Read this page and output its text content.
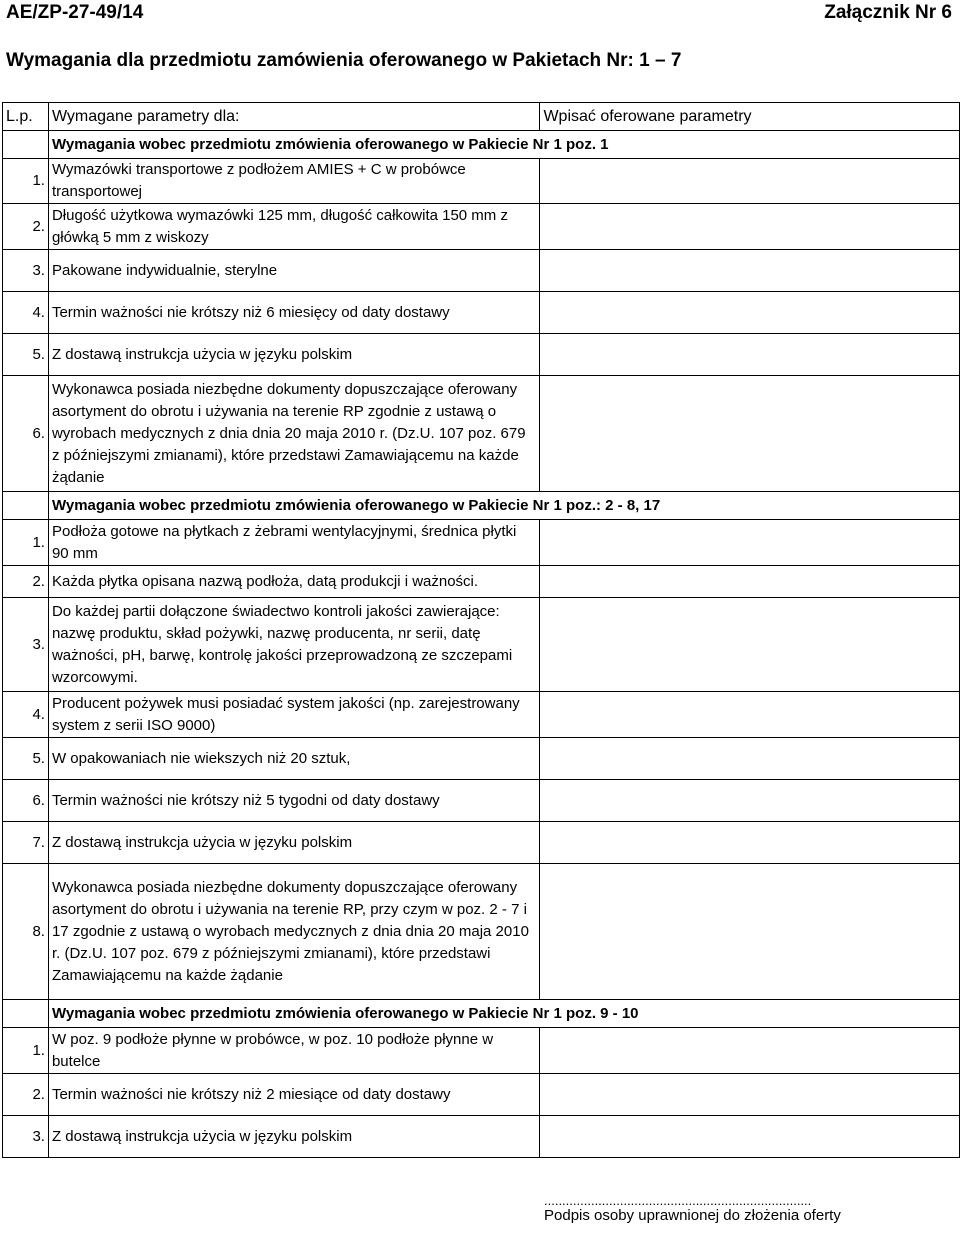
AE/ZP-27-49/14	Załącznik Nr 6
Wymagania dla przedmiotu zamówienia oferowanego w Pakietach Nr: 1 – 7
L.p.	Wymagane parametry dla:	Wpisać oferowane parametry
	Wymagania wobec przedmiotu zmówienia oferowanego w Pakiecie Nr 1 poz. 1	
1.	Wymazówki transportowe z podłożem AMIES + C w probówce transportowej	
2.	Długość użytkowa wymazówki 125 mm, długość całkowita 150 mm z główką 5 mm z wiskozy	
3.	Pakowane indywidualnie, sterylne	
4.	Termin ważności nie krótszy niż 6 miesięcy od daty dostawy	
5.	Z dostawą instrukcja użycia w języku polskim	
6.	Wykonawca posiada niezbędne dokumenty dopuszczające oferowany asortyment do obrotu i używania na terenie RP zgodnie z ustawą o wyrobach medycznych z dnia dnia 20 maja 2010 r. (Dz.U. 107 poz. 679 z późniejszymi zmianami), które przedstawi Zamawiającemu na każde żądanie	
	Wymagania wobec przedmiotu zmówienia oferowanego w Pakiecie Nr 1 poz.: 2 - 8, 17	
1.	Podłoża gotowe na płytkach z żebrami wentylacyjnymi, średnica płytki 90 mm	
2.	Każda płytka opisana nazwą podłoża, datą produkcji i ważności.	
3.	Do każdej partii dołączone świadectwo kontroli jakości zawierające: nazwę produktu, skład pożywki, nazwę producenta, nr serii, datę ważności, pH, barwę, kontrolę jakości przeprowadzoną ze szczepami wzorcowymi.	
4.	Producent pożywek musi posiadać system jakości (np. zarejestrowany system z serii ISO 9000)	
5.	W opakowaniach nie wiekszych niż 20 sztuk,	
6.	Termin ważności nie krótszy niż 5 tygodni od daty dostawy	
7.	Z dostawą instrukcja użycia w języku polskim	
8.	Wykonawca posiada niezbędne dokumenty dopuszczające oferowany asortyment do obrotu i używania na terenie RP, przy czym w poz. 2 - 7 i 17 zgodnie z ustawą o wyrobach medycznych z dnia dnia 20 maja 2010 r. (Dz.U. 107 poz. 679 z późniejszymi zmianami), które przedstawi Zamawiającemu na każde żądanie	
	Wymagania wobec przedmiotu zmówienia oferowanego w Pakiecie Nr 1 poz. 9 - 10	
1.	W poz. 9 podłoże płynne w probówce, w poz. 10 podłoże płynne w butelce	
2.	Termin ważności nie krótszy niż 2 miesiące od daty dostawy	
3.	Z dostawą instrukcja użycia w języku polskim	
..........................................................................
Podpis osoby uprawnionej do złożenia oferty
